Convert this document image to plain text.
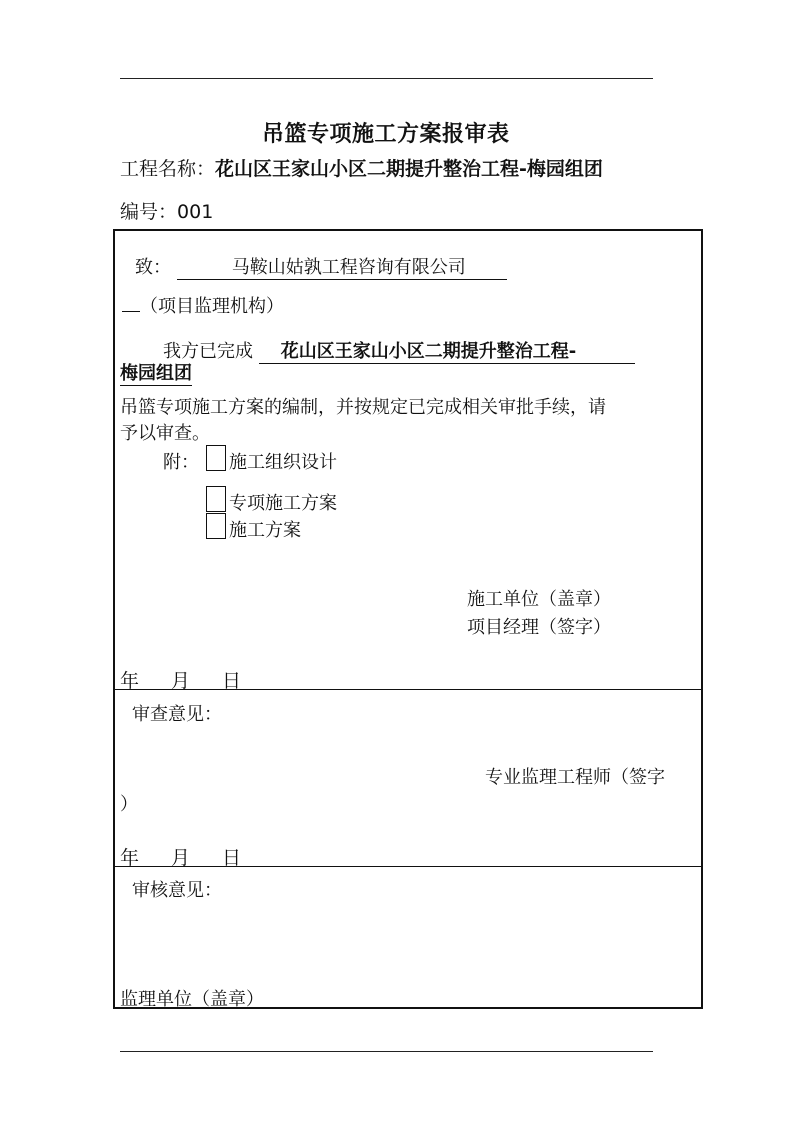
吊篮专项施工方案报审表
工程名称：花山区王家山小区二期提升整治工程-梅园组团
编号：001
致：	马鞍山姑孰工程咨询有限公司
（项目监理机构）
我方已完成 花山区王家山小区二期提升整治工程-
梅园组团
吊篮专项施工方案的编制，并按规定已完成相关审批手续，请
予以审查。
附： 施工组织设计
专项施工方案
施工方案
施工单位（盖章）
项目经理（签字）
年 月 日
审查意见：
专业监理工程师（签字
）
年 月 日
审核意见：
监理单位（盖章）
